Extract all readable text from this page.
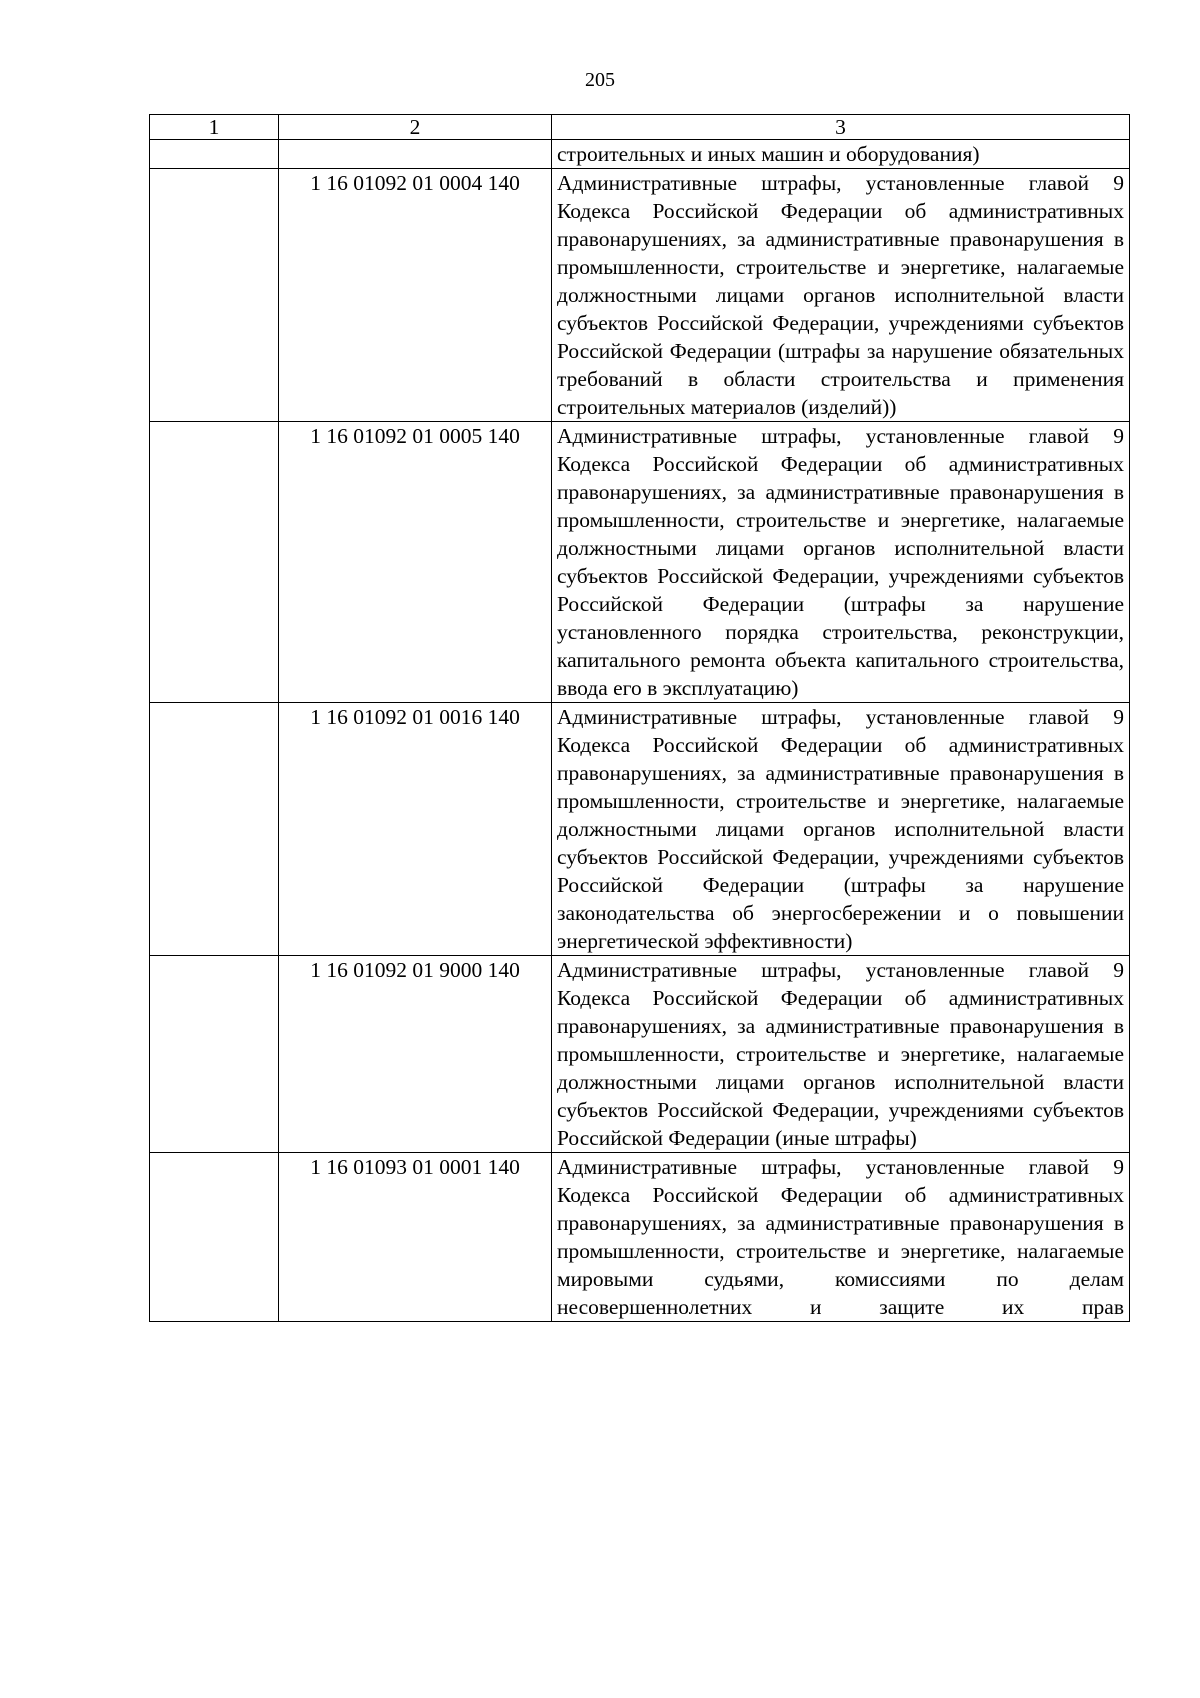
205
1	2	3
		строительных и иных машин и оборудования)
	1 16 01092 01 0004 140	Административные штрафы, установленные главой 9 Кодекса Российской Федерации об административных правонарушениях, за административные правонарушения в промышленности, строительстве и энергетике, налагаемые должностными лицами органов исполнительной власти субъектов Российской Федерации, учреждениями субъектов Российской Федерации (штрафы за нарушение обязательных требований в области строительства и применения строительных материалов (изделий))
	1 16 01092 01 0005 140	Административные штрафы, установленные главой 9 Кодекса Российской Федерации об административных правонарушениях, за административные правонарушения в промышленности, строительстве и энергетике, налагаемые должностными лицами органов исполнительной власти субъектов Российской Федерации, учреждениями субъектов Российской Федерации (штрафы за нарушение установленного порядка строительства, реконструкции, капитального ремонта объекта капитального строительства, ввода его в эксплуатацию)
	1 16 01092 01 0016 140	Административные штрафы, установленные главой 9 Кодекса Российской Федерации об административных правонарушениях, за административные правонарушения в промышленности, строительстве и энергетике, налагаемые должностными лицами органов исполнительной власти субъектов Российской Федерации, учреждениями субъектов Российской Федерации (штрафы за нарушение законодательства об энергосбережении и о повышении энергетической эффективности)
	1 16 01092 01 9000 140	Административные штрафы, установленные главой 9 Кодекса Российской Федерации об административных правонарушениях, за административные правонарушения в промышленности, строительстве и энергетике, налагаемые должностными лицами органов исполнительной власти субъектов Российской Федерации, учреждениями субъектов Российской Федерации (иные штрафы)
	1 16 01093 01 0001 140	Административные штрафы, установленные главой 9 Кодекса Российской Федерации об административных правонарушениях, за административные правонарушения в промышленности, строительстве и энергетике, налагаемые мировыми судьями, комиссиями по делам несовершеннолетних и защите их прав
